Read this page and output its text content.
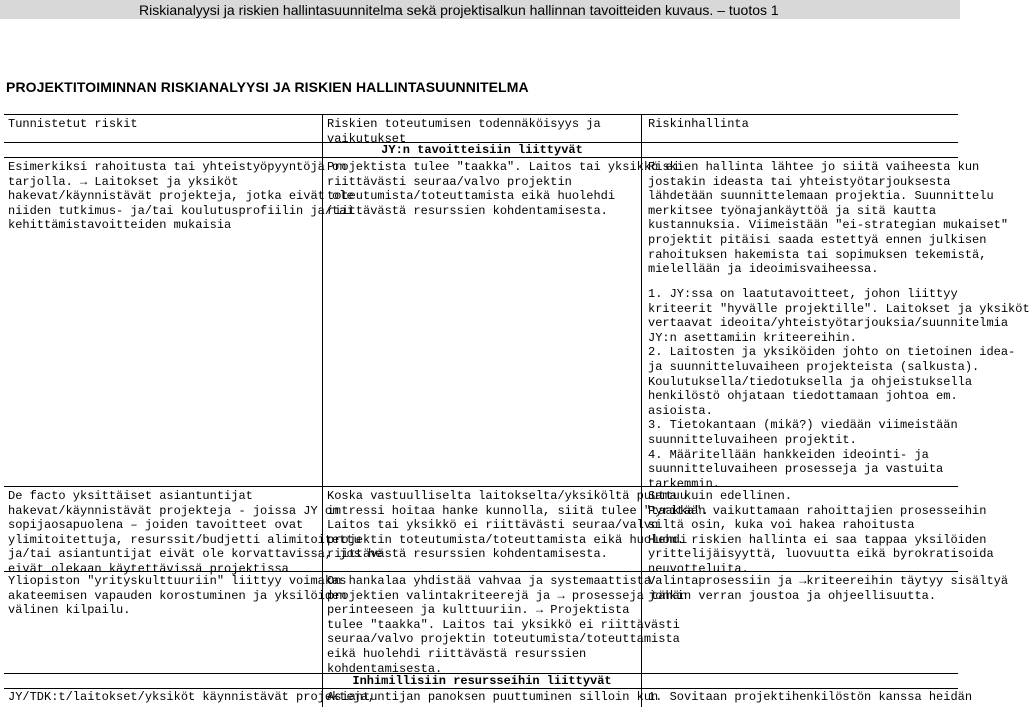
Riskianalyysi ja riskien hallintasuunnitelma sekä projektisalkun hallinnan tavoitteiden kuvaus. – tuotos 1
PROJEKTITOIMINNAN RISKIANALYYSI JA RISKIEN HALLINTASUUNNITELMA
Tunnistetut riskit	Riskien toteutumisen todennäköisyys ja
vaikutukset
Riskinhallinta
JY:n tavoitteisiin liittyvät
Esimerkiksi rahoitusta tai yhteistyöpyyntöjä on
tarjolla. → Laitokset ja yksiköt
hakevat/käynnistävät projekteja, jotka eivät ole
niiden tutkimus- ja/tai koulutusprofiilin ja/tai
kehittämistavoitteiden mukaisia
Projektista tulee "taakka". Laitos tai yksikkö ei
riittävästi seuraa/valvo projektin
toteutumista/toteuttamista eikä huolehdi
riittävästä resurssien kohdentamisesta.
Riskien hallinta lähtee jo siitä vaiheesta kun
jostakin ideasta tai yhteistyötarjouksesta
lähdetään suunnittelemaan projektia. Suunnittelu
merkitsee työnajankäyttöä ja sitä kautta
kustannuksia. Viimeistään "ei-strategian mukaiset"
projektit pitäisi saada estettyä ennen julkisen
rahoituksen hakemista tai sopimuksen tekemistä,
mielellään ja ideoimisvaiheessa.
1. JY:ssa on laatutavoitteet, johon liittyy
kriteerit "hyvälle projektille". Laitokset ja yksiköt
vertaavat ideoita/yhteistyötarjouksia/suunnitelmia
JY:n asettamiin kriteereihin.
2. Laitosten ja yksiköiden johto on tietoinen idea-
ja suunnitteluvaiheen projekteista (salkusta).
Koulutuksella/tiedotuksella ja ohjeistuksella
henkilöstö ohjataan tiedottamaan johtoa em.
asioista.
3. Tietokantaan (mikä?) viedään viimeistään
suunnitteluvaiheen projektit.
4. Määritellään hankkeiden ideointi- ja
suunnitteluvaiheen prosesseja ja vastuita
tarkemmin.
De facto yksittäiset asiantuntijat
hakevat/käynnistävät projekteja - joissa JY on
sopijaosapuolena – joiden tavoitteet ovat
ylimitoitettuja, resurssit/budjetti alimitoitettu
ja/tai asiantuntijat eivät ole korvattavissa, jos he
eivät olekaan käytettävissä projektissa
Koska vastuulliselta laitokselta/yksiköltä puuttuu
intressi hoitaa hanke kunnolla, siitä tulee "taakka".
Laitos tai yksikkö ei riittävästi seuraa/valvo
projektin toteutumista/toteuttamista eikä huolehdi
riittävästä resurssien kohdentamisesta.
Sama kuin edellinen.
Pyritään vaikuttamaan rahoittajien prosesseihin
siltä osin, kuka voi hakea rahoitusta
Huom. riskien hallinta ei saa tappaa yksilöiden
yrittelijäisyyttä, luovuutta eikä byrokratisoida
neuvotteluita.
Yliopiston "yrityskulttuuriin" liittyy voimakas
akateemisen vapauden korostuminen ja yksilöiden
välinen kilpailu.
On hankalaa yhdistää vahvaa ja systemaattista
projektien valintakriteerejä ja → prosesseja tähän
perinteeseen ja kulttuuriin. → Projektista
tulee "taakka". Laitos tai yksikkö ei riittävästi
seuraa/valvo projektin toteutumista/toteuttamista
eikä huolehdi riittävästä resurssien
kohdentamisesta.
Valintaprosessiin ja →kriteereihin täytyy sisältyä
jonkin verran joustoa ja ohjeellisuutta.
Inhimillisiin resursseihin liittyvät
JY/TDK:t/laitokset/yksiköt käynnistävät projekteja,
Asiantuntijan panoksen puuttuminen silloin kun
1. Sovitaan projektihenkilöstön kanssa heidän
